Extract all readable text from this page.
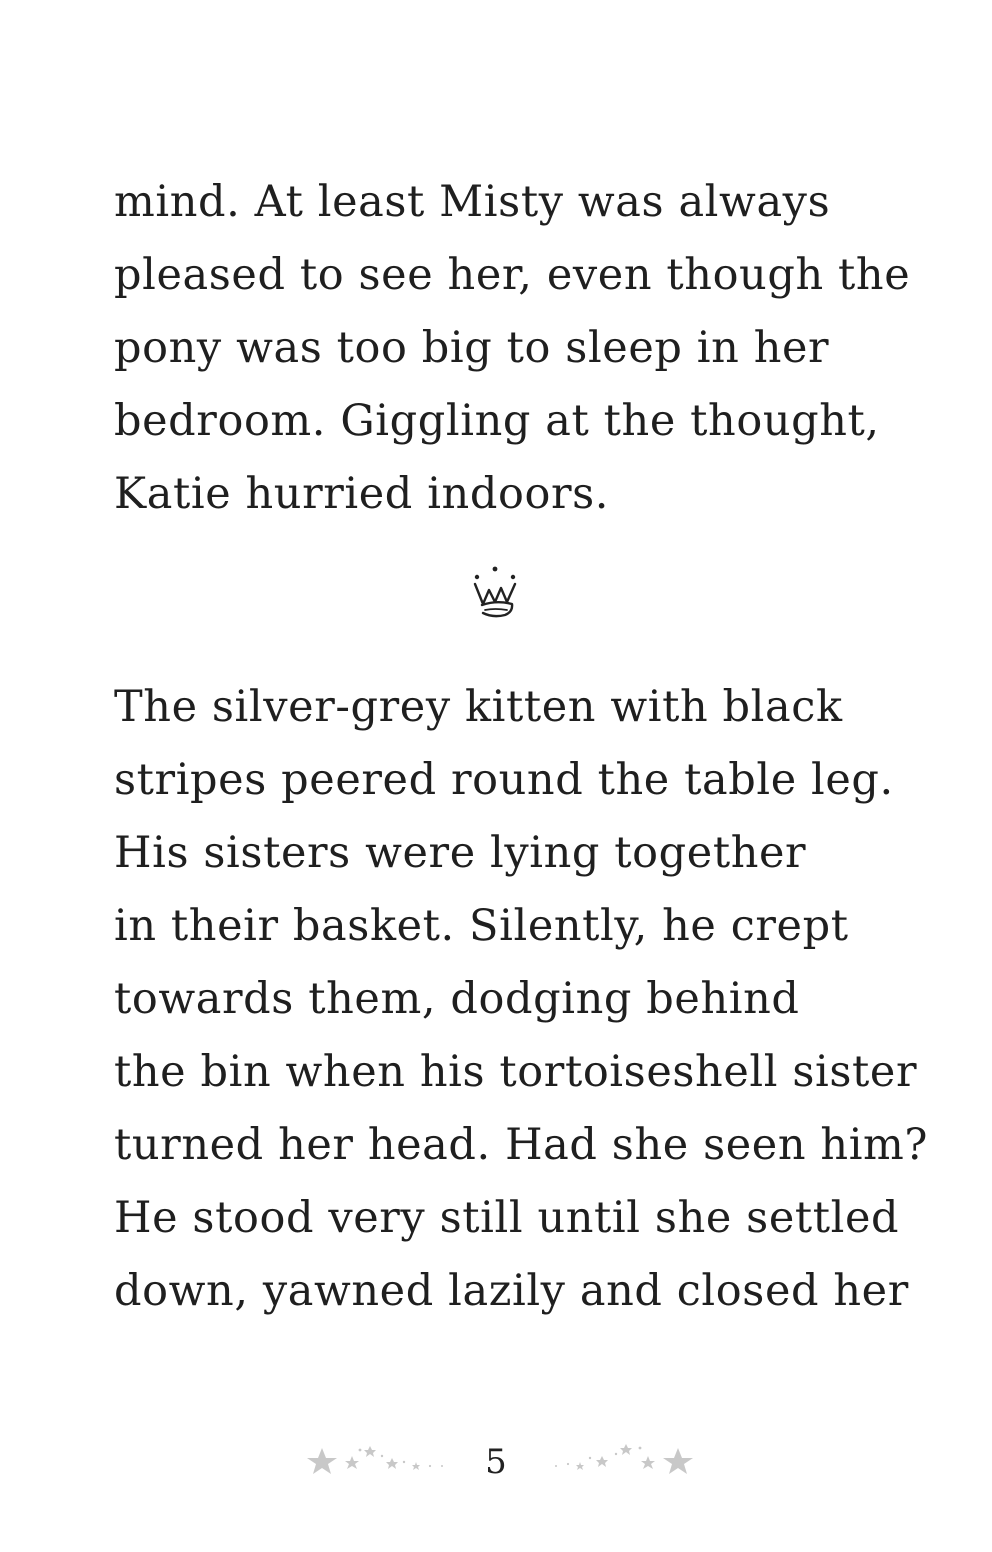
mind. At least Misty was always
pleased to see her, even though the
pony was too big to sleep in her
bedroom. Giggling at the thought,
Katie hurried indoors.
The silver-grey kitten with black
stripes peered round the table leg.
His sisters were lying together
in their basket. Silently, he crept
towards them, dodging behind
the bin when his tortoiseshell sister
turned her head. Had she seen him?
He stood very still until she settled
down, yawned lazily and closed her
5
